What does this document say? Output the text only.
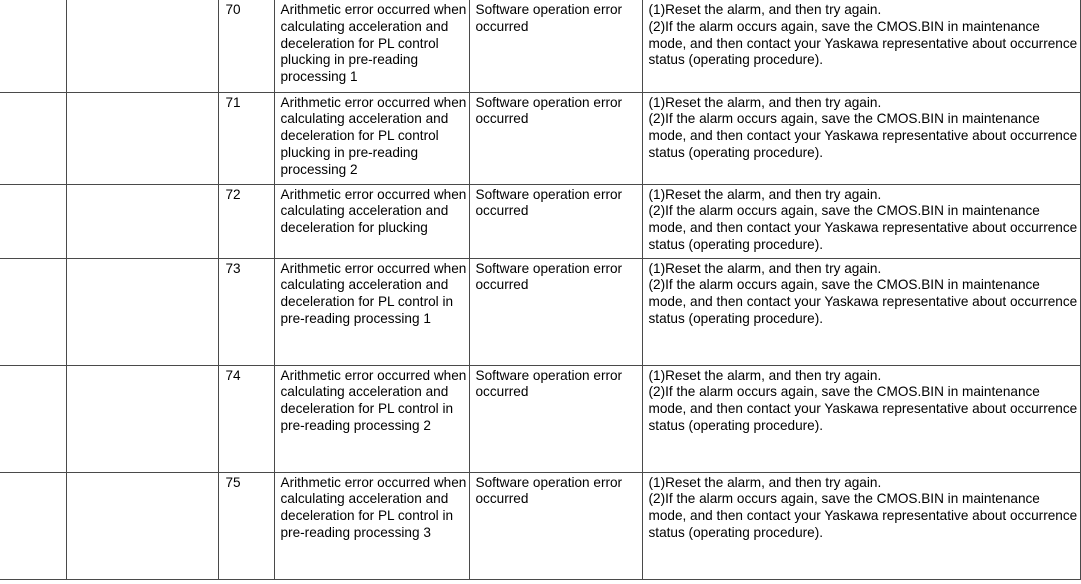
		70	Arithmetic error occurred when calculating acceleration and deceleration for PL control plucking in pre-reading processing 1	Software operation error occurred	(1)Reset the alarm, and then try again.
(2)If the alarm occurs again, save the CMOS.BIN in maintenance mode, and then contact your Yaskawa representative about occurrence status (operating procedure).

		71	Arithmetic error occurred when calculating acceleration and deceleration for PL control plucking in pre-reading processing 2	Software operation error occurred	(1)Reset the alarm, and then try again.
(2)If the alarm occurs again, save the CMOS.BIN in maintenance mode, and then contact your Yaskawa representative about occurrence status (operating procedure).

		72	Arithmetic error occurred when calculating acceleration and deceleration for plucking	Software operation error occurred	(1)Reset the alarm, and then try again.
(2)If the alarm occurs again, save the CMOS.BIN in maintenance mode, and then contact your Yaskawa representative about occurrence status (operating procedure).

		73	Arithmetic error occurred when calculating acceleration and deceleration for PL control in pre-reading processing 1	Software operation error occurred	(1)Reset the alarm, and then try again.
(2)If the alarm occurs again, save the CMOS.BIN in maintenance mode, and then contact your Yaskawa representative about occurrence status (operating procedure).

		74	Arithmetic error occurred when calculating acceleration and deceleration for PL control in pre-reading processing 2	Software operation error occurred	(1)Reset the alarm, and then try again.
(2)If the alarm occurs again, save the CMOS.BIN in maintenance mode, and then contact your Yaskawa representative about occurrence status (operating procedure).

		75	Arithmetic error occurred when calculating acceleration and deceleration for PL control in pre-reading processing 3	Software operation error occurred	(1)Reset the alarm, and then try again.
(2)If the alarm occurs again, save the CMOS.BIN in maintenance mode, and then contact your Yaskawa representative about occurrence status (operating procedure).
